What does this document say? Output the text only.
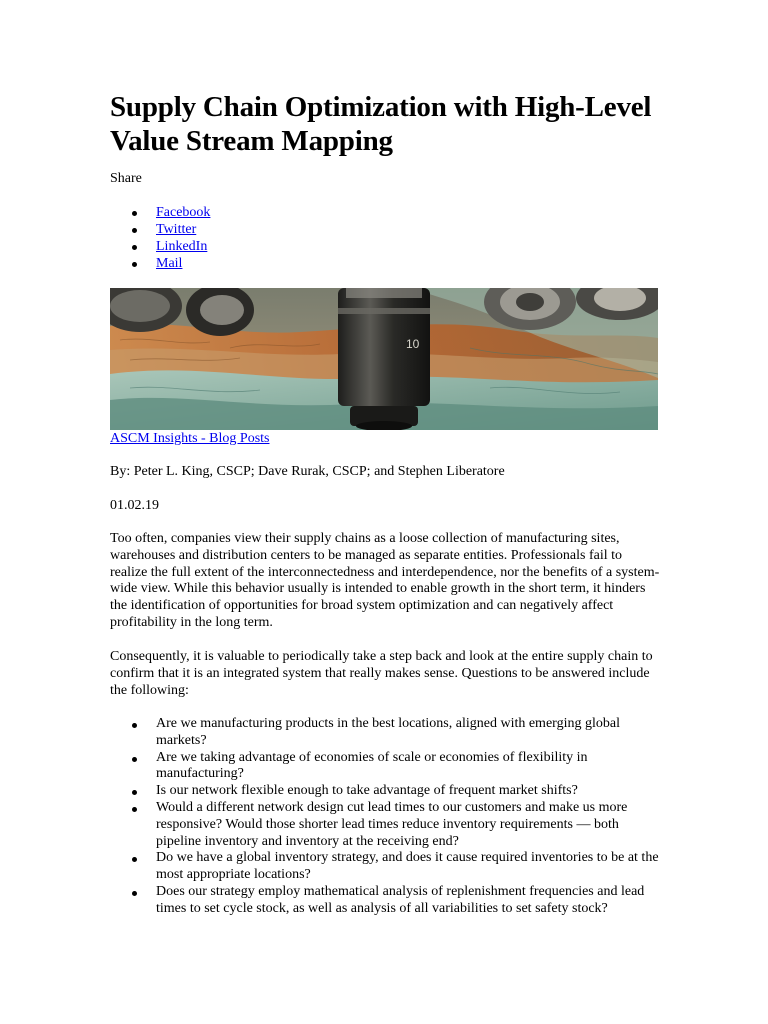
Supply Chain Optimization with High-Level Value Stream Mapping
Share
Facebook
Twitter
LinkedIn
Mail
10
ASCM Insights - Blog Posts
By: Peter L. King, CSCP; Dave Rurak, CSCP; and Stephen Liberatore
01.02.19

Too often, companies view their supply chains as a loose collection of manufacturing sites, warehouses and distribution centers to be managed as separate entities. Professionals fail to realize the full extent of the interconnectedness and interdependence, nor the benefits of a system-wide view. While this behavior usually is intended to enable growth in the short term, it hinders the identification of opportunities for broad system optimization and can negatively affect profitability in the long term.

Consequently, it is valuable to periodically take a step back and look at the entire supply chain to confirm that it is an integrated system that really makes sense. Questions to be answered include the following:

Are we manufacturing products in the best locations, aligned with emerging global markets?
Are we taking advantage of economies of scale or economies of flexibility in manufacturing?
Is our network flexible enough to take advantage of frequent market shifts?
Would a different network design cut lead times to our customers and make us more responsive? Would those shorter lead times reduce inventory requirements — both pipeline inventory and inventory at the receiving end?
Do we have a global inventory strategy, and does it cause required inventories to be at the most appropriate locations?
Does our strategy employ mathematical analysis of replenishment frequencies and lead times to set cycle stock, as well as analysis of all variabilities to set safety stock?
